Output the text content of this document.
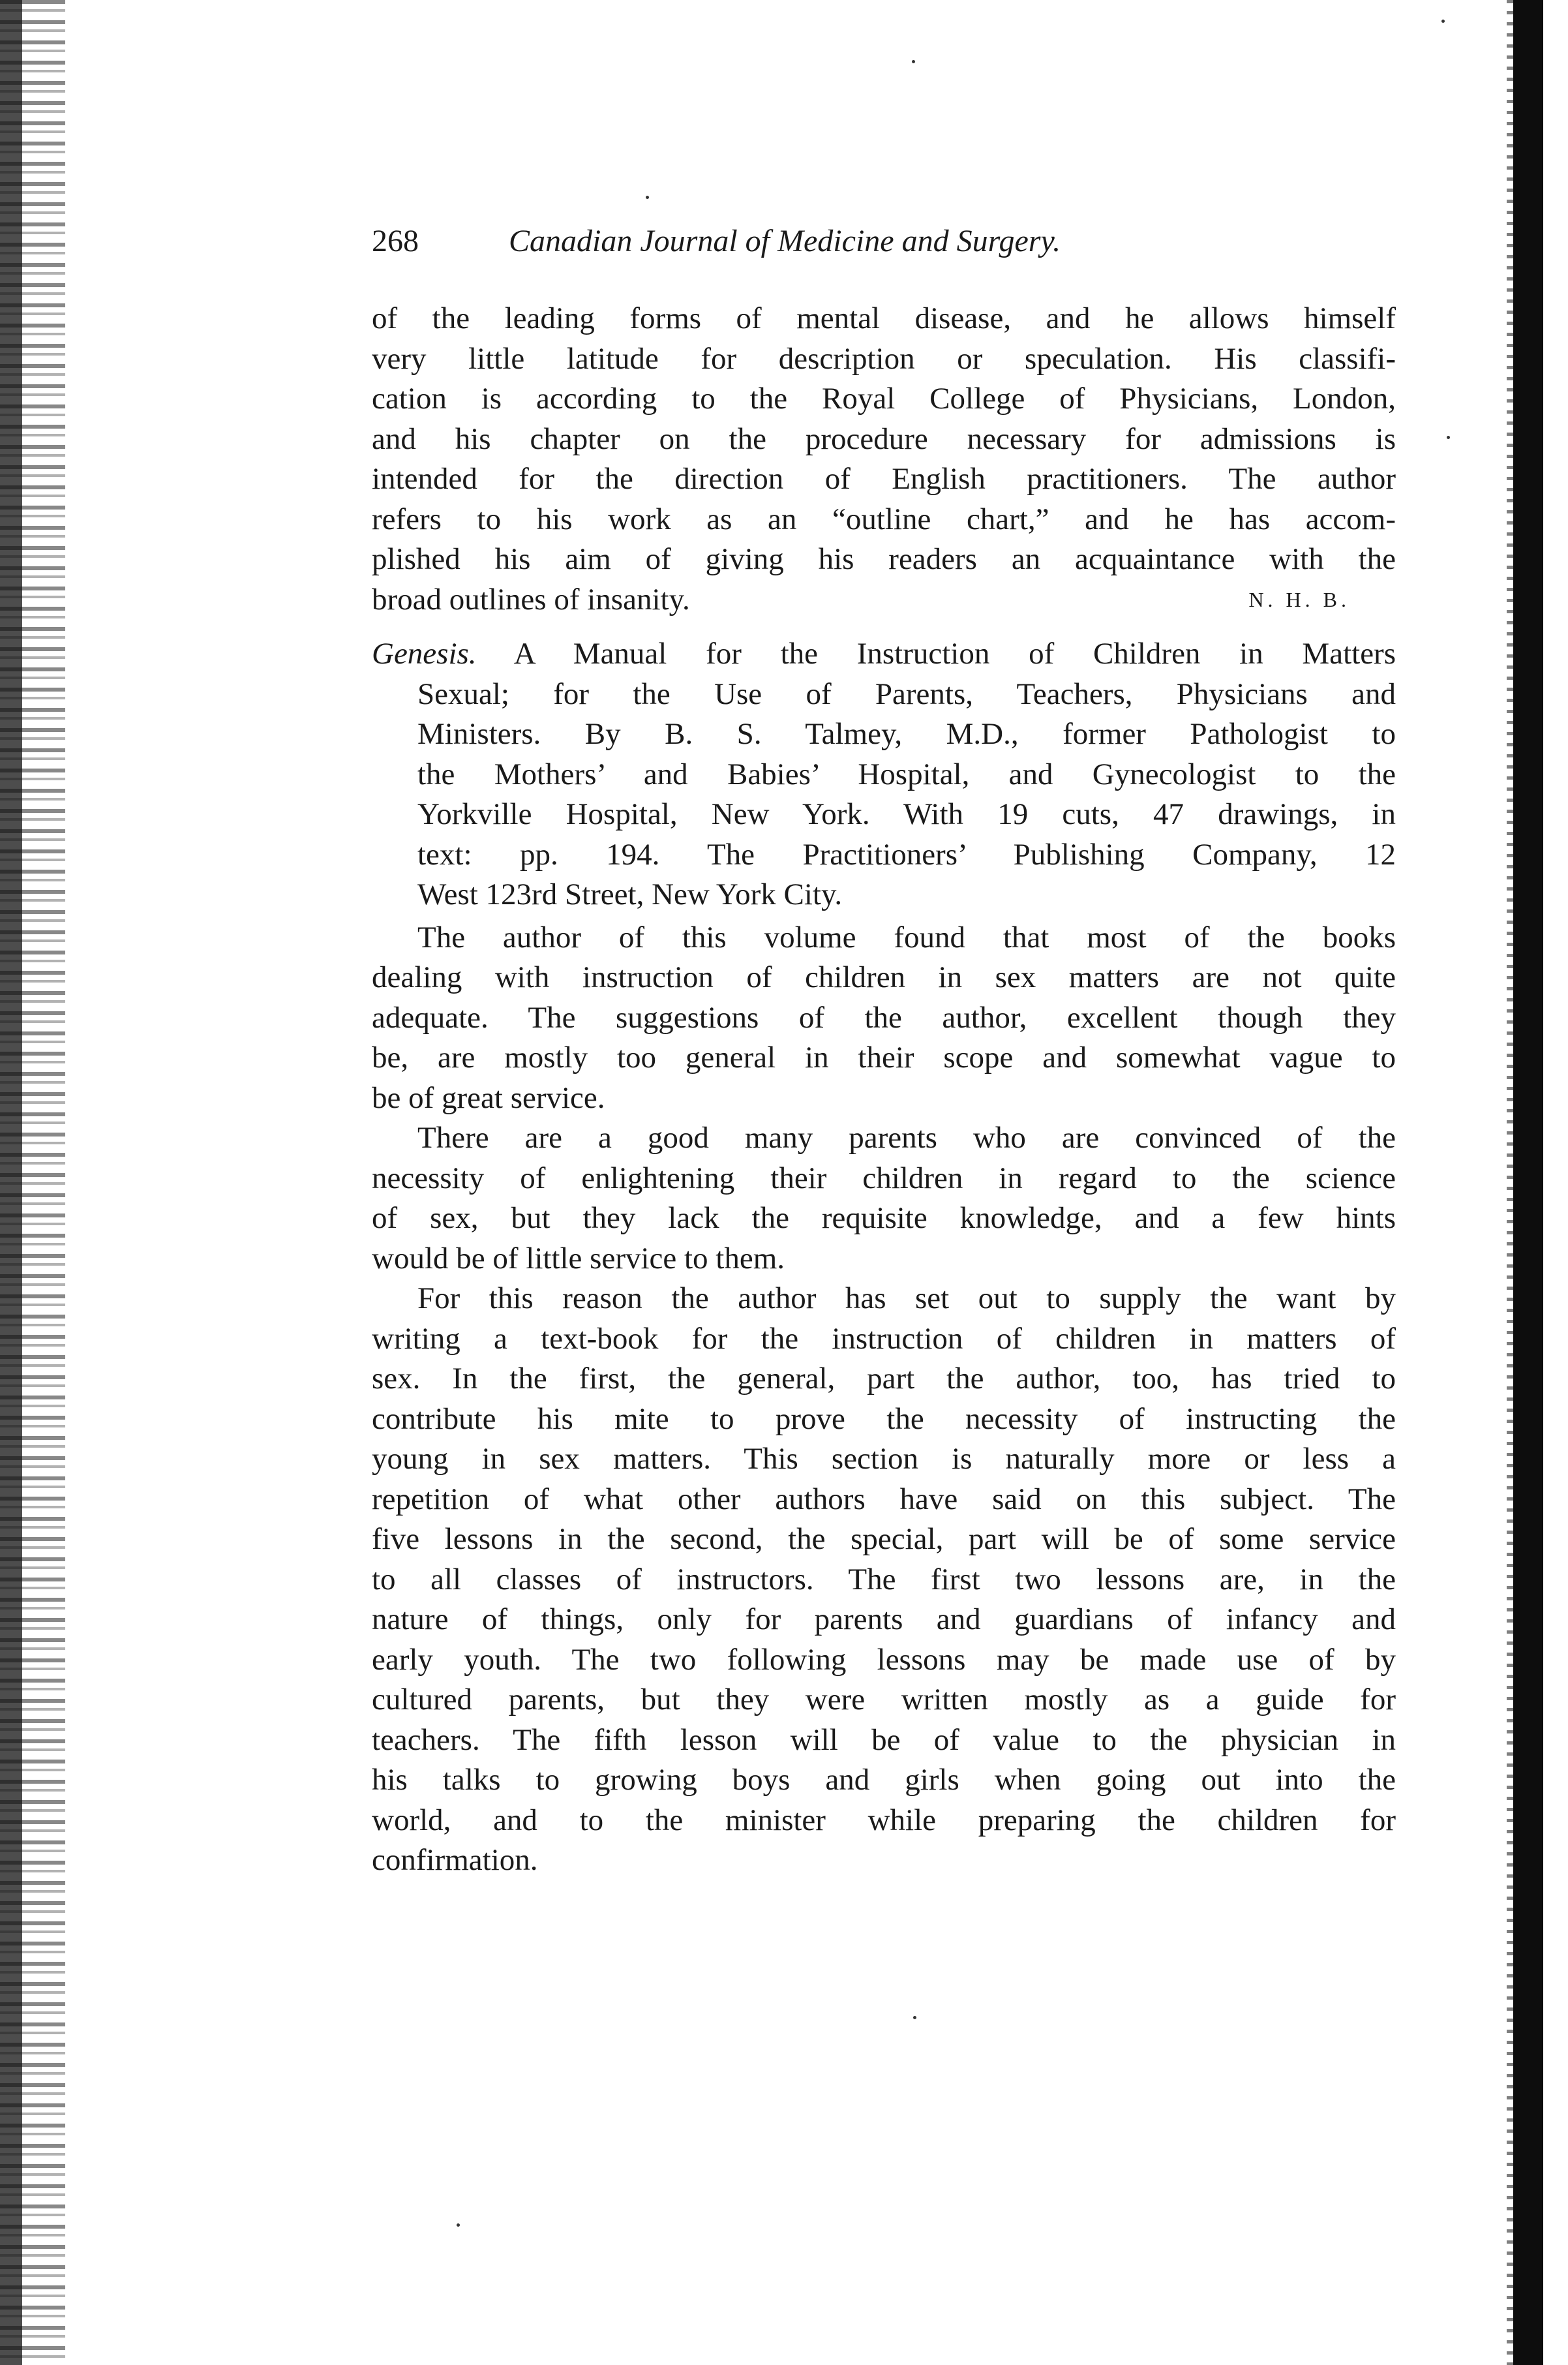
268	Canadian Journal of Medicine and Surgery.
of the leading forms of mental disease, and he allows himself
very little latitude for description or speculation. His classifi-
cation is according to the Royal College of Physicians, London,
and his chapter on the procedure necessary for admissions is
intended for the direction of English practitioners. The author
refers to his work as an “outline chart,” and he has accom-
plished his aim of giving his readers an acquaintance with the
broad outlines of insanity.	N. H. B.
Genesis. A Manual for the Instruction of Children in Matters
Sexual; for the Use of Parents, Teachers, Physicians and
Ministers. By B. S. Talmey, M.D., former Pathologist to
the Mothers’ and Babies’ Hospital, and Gynecologist to the
Yorkville Hospital, New York. With 19 cuts, 47 drawings, in
text: pp. 194. The Practitioners’ Publishing Company, 12
West 123rd Street, New York City.
The author of this volume found that most of the books
dealing with instruction of children in sex matters are not quite
adequate. The suggestions of the author, excellent though they
be, are mostly too general in their scope and somewhat vague to
be of great service.
There are a good many parents who are convinced of the
necessity of enlightening their children in regard to the science
of sex, but they lack the requisite knowledge, and a few hints
would be of little service to them.
For this reason the author has set out to supply the want by
writing a text-book for the instruction of children in matters of
sex. In the first, the general, part the author, too, has tried to
contribute his mite to prove the necessity of instructing the
young in sex matters. This section is naturally more or less a
repetition of what other authors have said on this subject. The
five lessons in the second, the special, part will be of some service
to all classes of instructors. The first two lessons are, in the
nature of things, only for parents and guardians of infancy and
early youth. The two following lessons may be made use of by
cultured parents, but they were written mostly as a guide for
teachers. The fifth lesson will be of value to the physician in
his talks to growing boys and girls when going out into the
world, and to the minister while preparing the children for
confirmation.
